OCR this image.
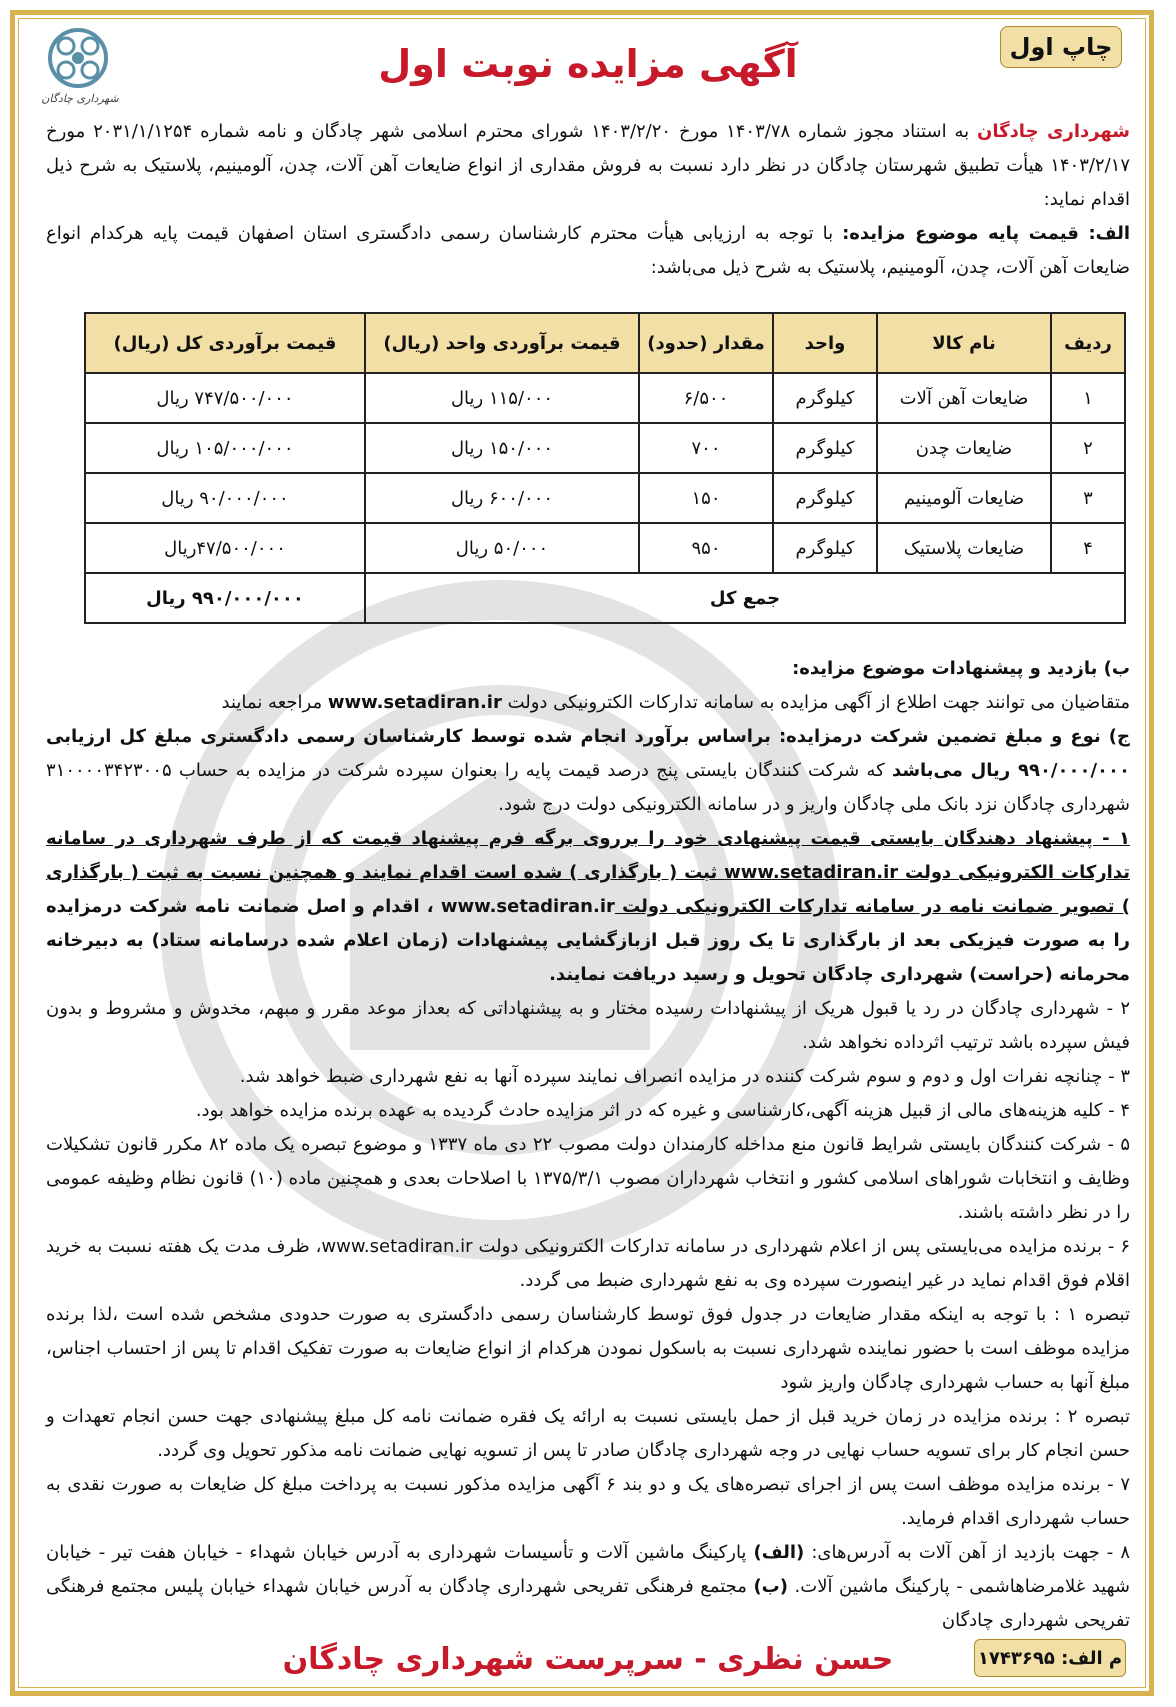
شهرداری چادگان
چاپ اول
آگهی مزایده نوبت اول

شهرداری چادگان به استناد مجوز شماره ۱۴۰۳/۷۸ مورخ ۱۴۰۳/۲/۲۰ شورای محترم اسلامی شهر چادگان و نامه شماره ۲۰۳۱/۱/۱۲۵۴ مورخ ۱۴۰۳/۲/۱۷ هیأت تطبیق شهرستان چادگان در نظر دارد نسبت به فروش مقداری از انواع ضایعات آهن آلات، چدن، آلومینیم، پلاستیک به شرح ذیل اقدام نماید:

الف: قیمت پایه موضوع مزایده: با توجه به ارزیابی هیأت محترم کارشناسان رسمی دادگستری استان اصفهان قیمت پایه هرکدام انواع ضایعات آهن آلات، چدن، آلومینیم، پلاستیک به شرح ذیل می‌باشد:

ردیف	نام کالا	واحد	مقدار (حدود)	قیمت برآوردی واحد (ریال)	قیمت برآوردی کل (ریال)
۱	ضایعات آهن آلات	کیلوگرم	۶/۵۰۰	۱۱۵/۰۰۰ ریال	۷۴۷/۵۰۰/۰۰۰ ریال
۲	ضایعات چدن	کیلوگرم	۷۰۰	۱۵۰/۰۰۰ ریال	۱۰۵/۰۰۰/۰۰۰ ریال
۳	ضایعات آلومینیم	کیلوگرم	۱۵۰	۶۰۰/۰۰۰ ریال	۹۰/۰۰۰/۰۰۰ ریال
۴	ضایعات پلاستیک	کیلوگرم	۹۵۰	۵۰/۰۰۰ ریال	۴۷/۵۰۰/۰۰۰ریال
جمع کل					۹۹۰/۰۰۰/۰۰۰ ریال

ب) بازدید و پیشنهادات موضوع مزایده:

متقاضیان می توانند جهت اطلاع از آگهی مزایده به سامانه تدارکات الکترونیکی دولت www.setadiran.ir مراجعه نمایند

ج) نوع و مبلغ تضمین شرکت درمزایده: براساس برآورد انجام شده توسط کارشناسان رسمی دادگستری مبلغ کل ارزیابی ۹۹۰/۰۰۰/۰۰۰ ریال می‌باشد که شرکت کنندگان بایستی پنج درصد قیمت پایه را بعنوان سپرده شرکت در مزایده به حساب ۳۱۰۰۰۰۳۴۲۳۰۰۵ شهرداری چادگان نزد بانک ملی چادگان واریز و در سامانه الکترونیکی دولت درج شود.

۱ - پیشنهاد دهندگان بایستی قیمت پیشنهادی خود را برروی برگه فرم پیشنهاد قیمت که از طرف شهرداری در سامانه تدارکات الکترونیکی دولت www.setadiran.ir ثبت ( بارگذاری ) شده است اقدام نمایند و همچنین نسبت به ثبت ( بارگذاری ) تصویر ضمانت نامه در سامانه تدارکات الکترونیکی دولت www.setadiran.ir ، اقدام و اصل ضمانت نامه شرکت درمزایده را به صورت فیزیکی بعد از بارگذاری تا یک روز قبل ازبازگشایی پیشنهادات (زمان اعلام شده درسامانه ستاد) به دبیرخانه محرمانه (حراست) شهرداری چادگان تحویل و رسید دریافت نمایند.

۲ - شهرداری چادگان در رد یا قبول هریک از پیشنهادات رسیده مختار و به پیشنهاداتی که بعداز موعد مقرر و مبهم، مخدوش و مشروط و بدون فیش سپرده باشد ترتیب اثرداده نخواهد شد.

۳ - چنانچه نفرات اول و دوم و سوم شرکت کننده در مزایده انصراف نمایند سپرده آنها به نفع شهرداری ضبط خواهد شد.

۴ - کلیه هزینه‌های مالی از قبیل هزینه آگهی،کارشناسی و غیره که در اثر مزایده حادث گردیده به عهده برنده مزایده خواهد بود.

۵ - شرکت کنندگان بایستی شرایط قانون منع مداخله کارمندان دولت مصوب ۲۲ دی ماه ۱۳۳۷ و موضوع تبصره یک ماده ۸۲ مکرر قانون تشکیلات وظایف و انتخابات شوراهای اسلامی کشور و انتخاب شهرداران مصوب ۱۳۷۵/۳/۱ با اصلاحات بعدی و همچنین ماده (۱۰) قانون نظام وظیفه عمومی را در نظر داشته باشند.

۶ - برنده مزایده می‌بایستی پس از اعلام شهرداری در سامانه تدارکات الکترونیکی دولت www.setadiran.ir، ظرف مدت یک هفته نسبت به خرید اقلام فوق اقدام نماید در غیر اینصورت سپرده وی به نفع شهرداری ضبط می گردد.

تبصره ۱ : با توجه به اینکه مقدار ضایعات در جدول فوق توسط کارشناسان رسمی دادگستری به صورت حدودی مشخص شده است ،لذا برنده مزایده موظف است با حضور نماینده شهرداری نسبت به باسکول نمودن هرکدام از انواع ضایعات به صورت تفکیک اقدام تا پس از احتساب اجناس، مبلغ آنها به حساب شهرداری چادگان واریز شود

تبصره ۲ : برنده مزایده در زمان خرید قبل از حمل بایستی نسبت به ارائه یک فقره ضمانت نامه کل مبلغ پیشنهادی جهت حسن انجام تعهدات و حسن انجام کار برای تسویه حساب نهایی در وجه شهرداری چادگان صادر تا پس از تسویه نهایی ضمانت نامه مذکور تحویل وی گردد.

۷ - برنده مزایده موظف است پس از اجرای تبصره‌های یک و دو بند ۶ آگهی مزایده مذکور نسبت به پرداخت مبلغ کل ضایعات به صورت نقدی به حساب شهرداری اقدام فرماید.

۸ - جهت بازدید از آهن آلات به آدرس‌های: (الف) پارکینگ ماشین آلات و تأسیسات شهرداری به آدرس خیابان شهداء - خیابان هفت تیر - خیابان شهید غلامرضاهاشمی - پارکینگ ماشین آلات. (ب) مجتمع فرهنگی تفریحی شهرداری چادگان به آدرس خیابان شهداء خیابان پلیس مجتمع فرهنگی تفریحی شهرداری چادگان

حسن نظری - سرپرست شهرداری چادگان	م الف: ۱۷۴۳۶۹۵
